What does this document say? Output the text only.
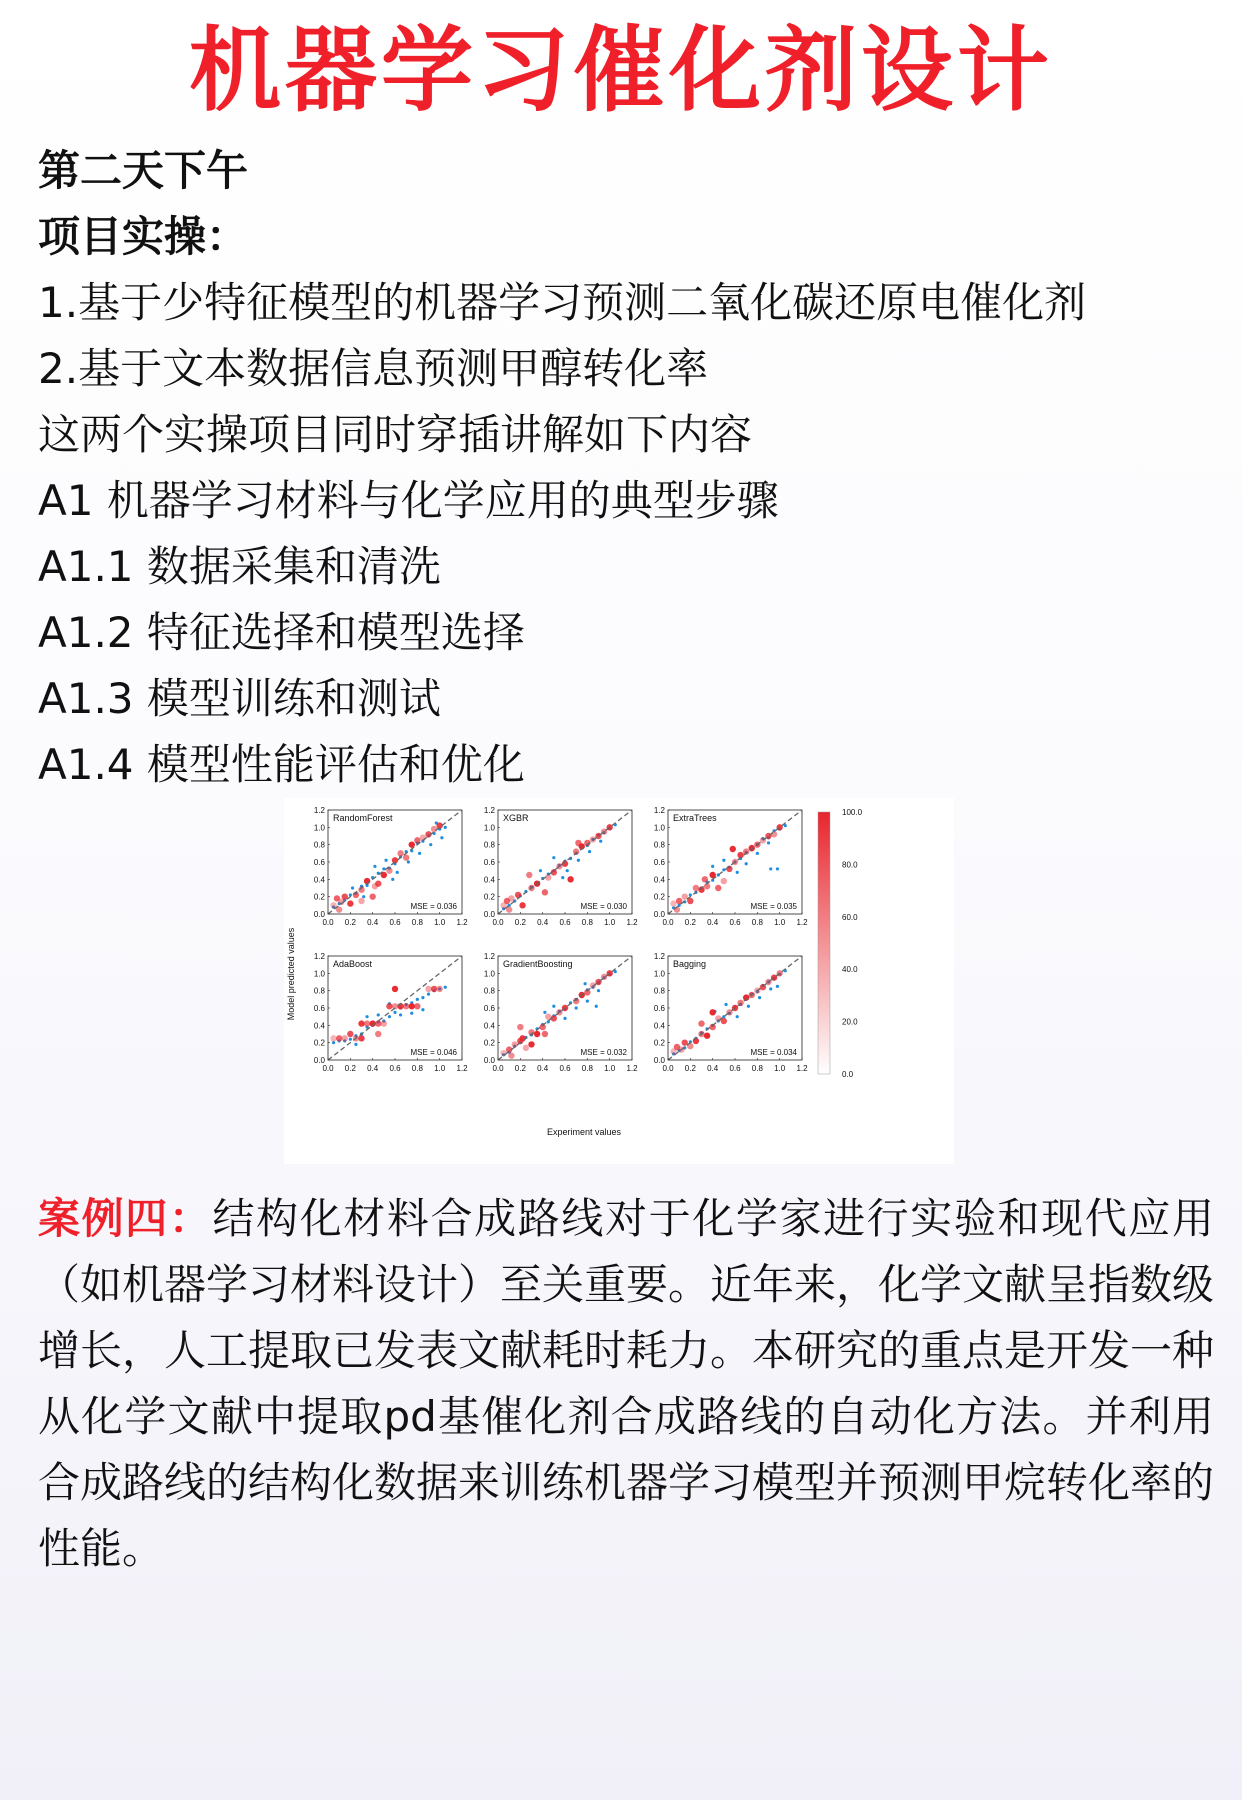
机器学习催化剂设计
第二天下午
项目实操：
1.基于少特征模型的机器学习预测二氧化碳还原电催化剂
2.基于文本数据信息预测甲醇转化率
这两个实操项目同时穿插讲解如下内容
A1 机器学习材料与化学应用的典型步骤
A1.1 数据采集和清洗
A1.2 特征选择和模型选择
A1.3 模型训练和测试
A1.4 模型性能评估和优化
RandomForest
MSE = 0.036
0.0
0.0
0.2
0.2
0.4
0.4
0.6
0.6
0.8
0.8
1.0
1.0
1.2
1.2
XGBR
MSE = 0.030
0.0
0.0
0.2
0.2
0.4
0.4
0.6
0.6
0.8
0.8
1.0
1.0
1.2
1.2
ExtraTrees
MSE = 0.035
0.0
0.0
0.2
0.2
0.4
0.4
0.6
0.6
0.8
0.8
1.0
1.0
1.2
1.2
AdaBoost
MSE = 0.046
0.0
0.0
0.2
0.2
0.4
0.4
0.6
0.6
0.8
0.8
1.0
1.0
1.2
1.2
GradientBoosting
MSE = 0.032
0.0
0.0
0.2
0.2
0.4
0.4
0.6
0.6
0.8
0.8
1.0
1.0
1.2
1.2
Bagging
MSE = 0.034
0.0
0.0
0.2
0.2
0.4
0.4
0.6
0.6
0.8
0.8
1.0
1.0
1.2
1.2
Experiment values
Model predicted values
100.0
80.0
60.0
40.0
20.0
0.0
案例四：结构化材料合成路线对于化学家进行实验和现代应用（如机器学习材料设计）至关重要。近年来，化学文献呈指数级增长，人工提取已发表文献耗时耗力。本研究的重点是开发一种从化学文献中提取pd基催化剂合成路线的自动化方法。并利用合成路线的结构化数据来训练机器学习模型并预测甲烷转化率的性能。
